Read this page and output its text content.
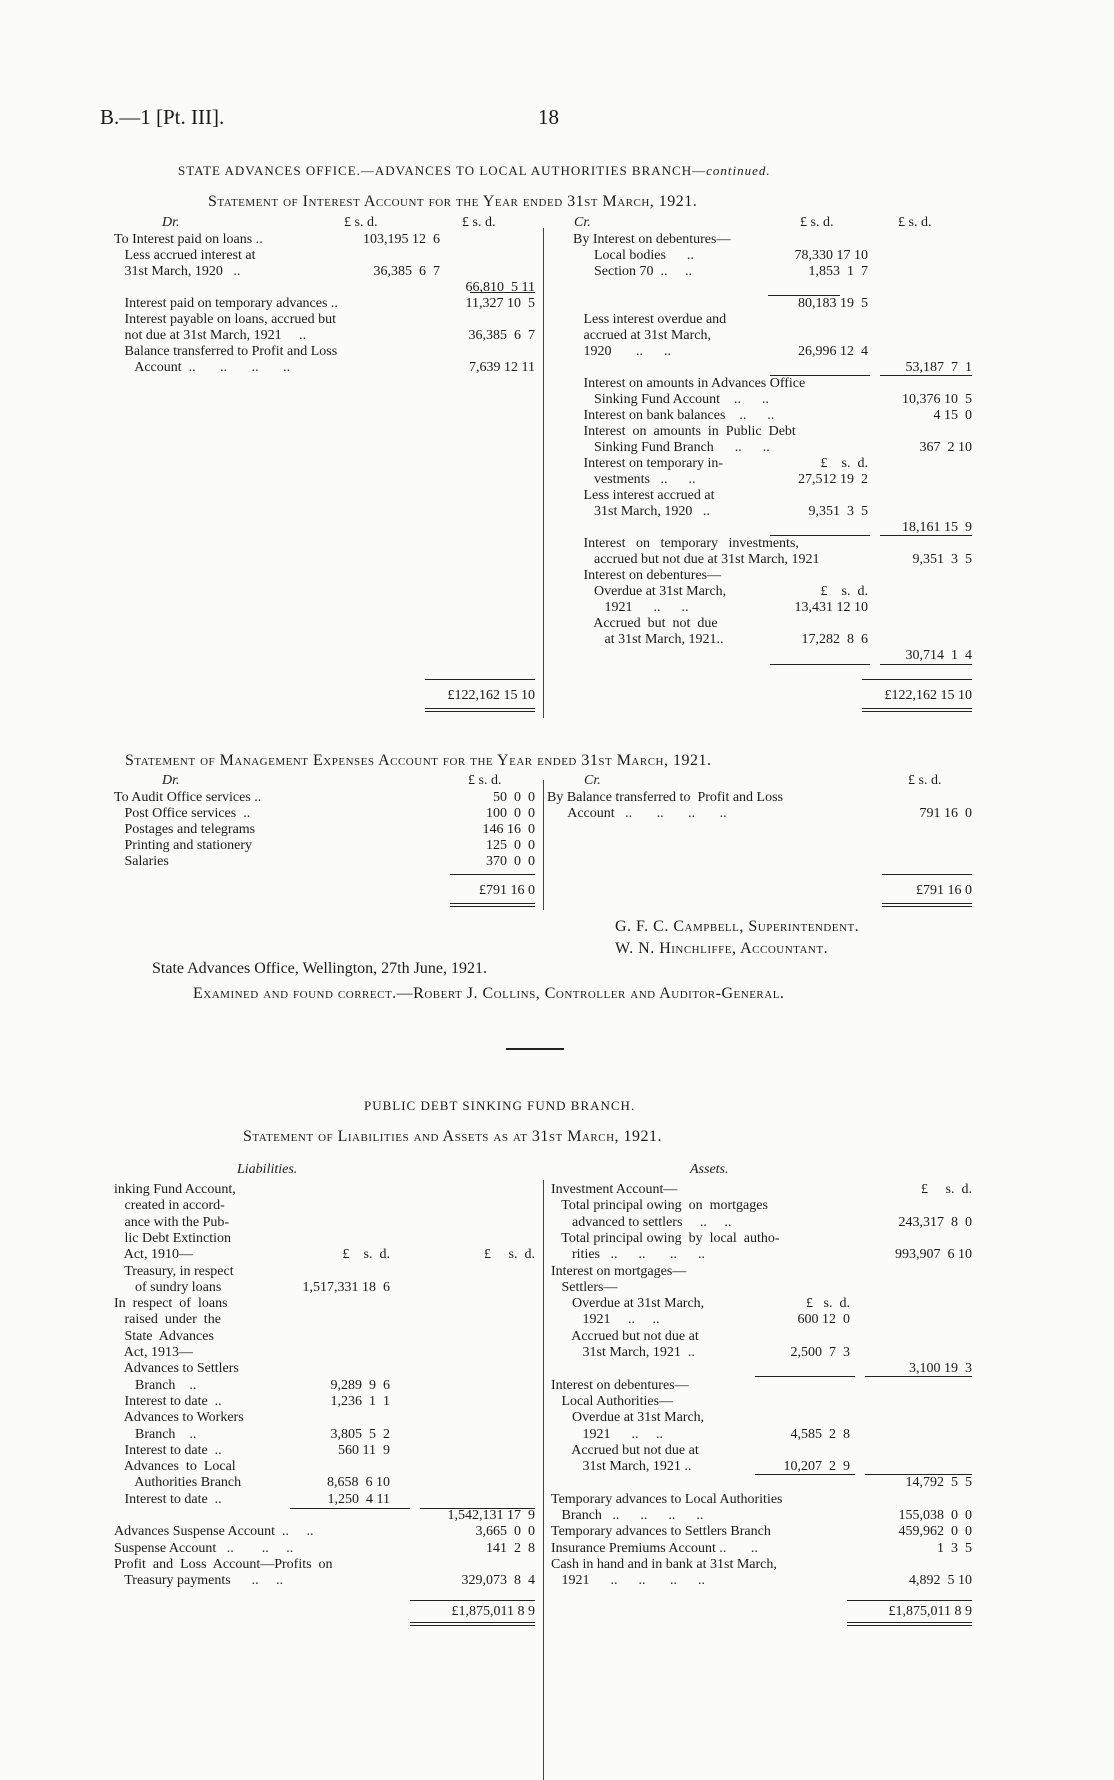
B.—1 [Pt. III].	18
STATE ADVANCES OFFICE.—ADVANCES TO LOCAL AUTHORITIES BRANCH—continued.
Statement of Interest Account for the Year ended 31st March, 1921.
Dr.	£ s. d.	£ s. d.
To Interest paid on loans ..	103,195 12  6
Less accrued interest at
31st March, 1920   ..	36,385  6  7
66,810  5 11
Interest paid on temporary advances ..	11,327 10  5
Interest payable on loans, accrued but
not due at 31st March, 1921     ..	36,385  6  7
Balance transferred to Profit and Loss
Account  ..       ..       ..       ..	7,639 12 11
Cr.	£ s. d.	£ s. d.
By Interest on debentures—
Local bodies      ..	78,330 17 10
Section 70  ..     ..	1,853  1  7
80,183 19  5
Less interest overdue and
accrued at 31st March,
1920       ..      ..	26,996 12  4
53,187  7  1
Interest on amounts in Advances Office
Sinking Fund Account    ..      ..	10,376 10  5
Interest on bank balances    ..      ..	4 15  0
Interest  on  amounts  in  Public  Debt
Sinking Fund Branch      ..      ..	367  2 10
Interest on temporary in-	£    s.  d.
vestments   ..      ..	27,512 19  2
Less interest accrued at
31st March, 1920   ..	9,351  3  5
18,161 15  9
Interest   on   temporary   investments,
accrued but not due at 31st March, 1921	9,351  3  5
Interest on debentures—
Overdue at 31st March,	£    s.  d.
1921      ..      ..	13,431 12 10
Accrued  but  not  due
at 31st March, 1921..	17,282  8  6
30,714  1  4
£122,162 15 10	£122,162 15 10
Statement of Management Expenses Account for the Year ended 31st March, 1921.
Dr.	£ s. d.	Cr.	£ s. d.
To Audit Office services ..	50  0  0
Post Office services  ..	100  0  0
Postages and telegrams	146 16  0
Printing and stationery	125  0  0
Salaries	370  0  0
By Balance transferred to  Profit and Loss
Account   ..       ..       ..       ..	791 16  0
£791 16 0	£791 16 0
G. F. C. Campbell, Superintendent.
W. N. Hinchliffe, Accountant.
State Advances Office, Wellington, 27th June, 1921.
Examined and found correct.—Robert J. Collins, Controller and Auditor-General.
PUBLIC DEBT SINKING FUND BRANCH.
Statement of Liabilities and Assets as at 31st March, 1921.
Liabilities.	Assets.
inking Fund Account,
created in accord-
ance with the Pub-
lic Debt Extinction
Act, 1910—	£    s.  d.	£     s.  d.
Treasury, in respect
of sundry loans	1,517,331 18  6
In  respect  of  loans
raised  under  the
State  Advances
Act, 1913—
Advances to Settlers
Branch    ..	9,289  9  6
Interest to date  ..	1,236  1  1
Advances to Workers
Branch    ..	3,805  5  2
Interest to date  ..	560 11  9
Advances  to  Local
Authorities Branch	8,658  6 10
Interest to date  ..	1,250  4 11
1,542,131 17  9
Advances Suspense Account  ..     ..	3,665  0  0
Suspense Account   ..        ..     ..	141  2  8
Profit  and  Loss  Account—Profits  on
Treasury payments      ..     ..	329,073  8  4
Investment Account—	£     s.  d.
Total principal owing  on  mortgages
advanced to settlers     ..     ..	243,317  8  0
Total principal owing  by  local  autho-
rities   ..      ..       ..      ..	993,907  6 10
Interest on mortgages—
Settlers—
Overdue at 31st March,	£   s.  d.
1921     ..     ..	600 12  0
Accrued but not due at
31st March, 1921  ..	2,500  7  3
3,100 19  3
Interest on debentures—
Local Authorities—
Overdue at 31st March,
1921      ..     ..	4,585  2  8
Accrued but not due at
31st March, 1921 ..	10,207  2  9
14,792  5  5
Temporary advances to Local Authorities
Branch   ..      ..      ..      ..	155,038  0  0
Temporary advances to Settlers Branch	459,962  0  0
Insurance Premiums Account ..       ..	1  3  5
Cash in hand and in bank at 31st March,
1921      ..      ..       ..      ..	4,892  5 10
£1,875,011 8 9	£1,875,011 8 9
